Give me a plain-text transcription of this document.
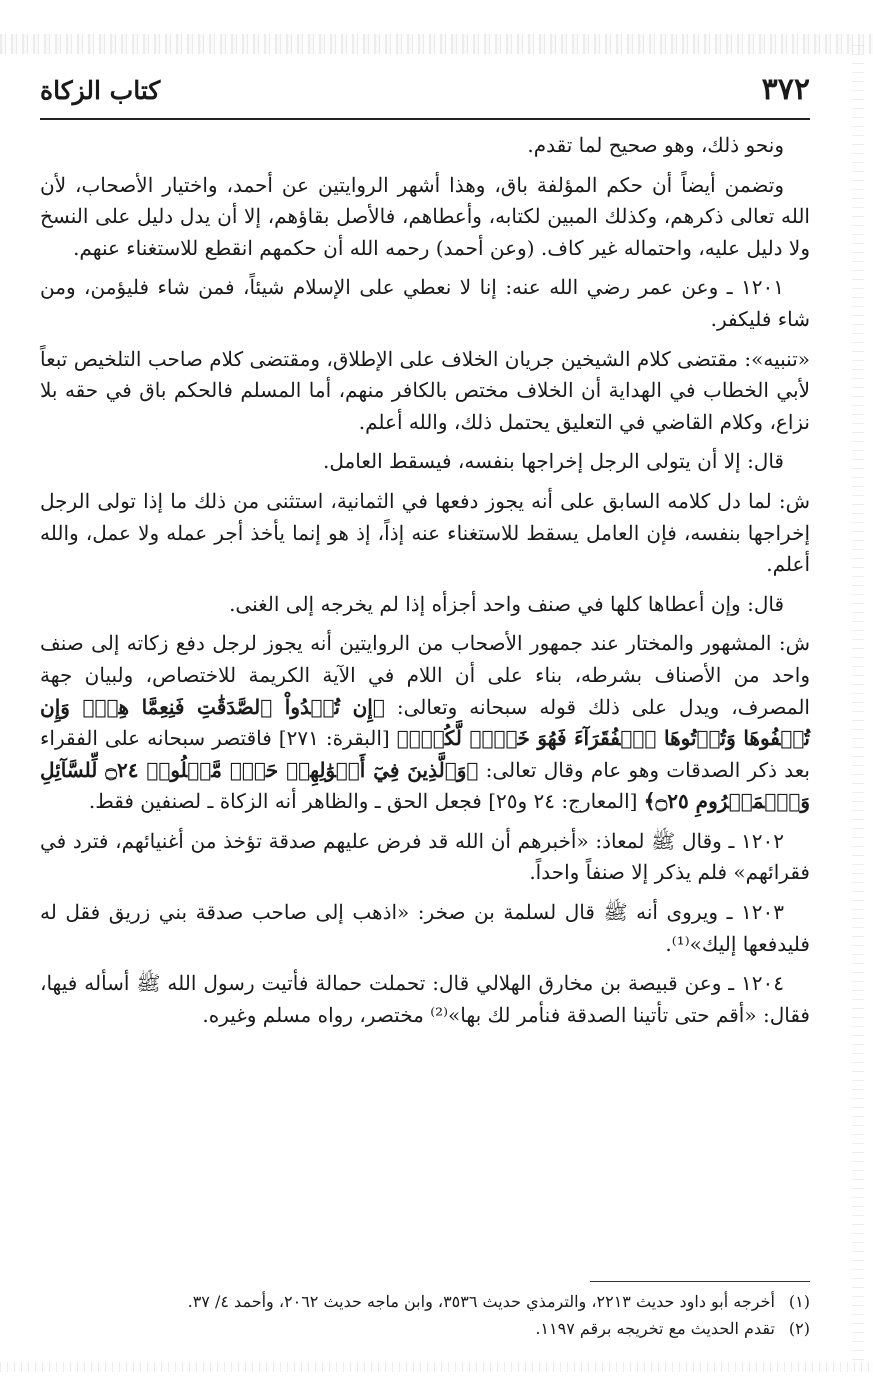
٣٧٢
كتاب الزكاة

ونحو ذلك، وهو صحيح لما تقدم.

وتضمن أيضاً أن حكم المؤلفة باق، وهذا أشهر الروايتين عن أحمد، واختيار الأصحاب، لأن الله تعالى ذكرهم، وكذلك المبين لكتابه، وأعطاهم، فالأصل بقاؤهم، إلا أن يدل دليل على النسخ ولا دليل عليه، واحتماله غير كاف. (وعن أحمد) رحمه الله أن حكمهم انقطع للاستغناء عنهم.

١٢٠١ ـ وعن عمر رضي الله عنه: إنا لا نعطي على الإسلام شيئاً، فمن شاء فليؤمن، ومن شاء فليكفر.

«تنبيه»: مقتضى كلام الشيخين جريان الخلاف على الإطلاق، ومقتضى كلام صاحب التلخيص تبعاً لأبي الخطاب في الهداية أن الخلاف مختص بالكافر منهم، أما المسلم فالحكم باق في حقه بلا نزاع، وكلام القاضي في التعليق يحتمل ذلك، والله أعلم.

قال: إلا أن يتولى الرجل إخراجها بنفسه، فيسقط العامل.

ش: لما دل كلامه السابق على أنه يجوز دفعها في الثمانية، استثنى من ذلك ما إذا تولى الرجل إخراجها بنفسه، فإن العامل يسقط للاستغناء عنه إذاً، إذ هو إنما يأخذ أجر عمله ولا عمل، والله أعلم.

قال: وإن أعطاها كلها في صنف واحد أجزأه إذا لم يخرجه إلى الغنى.

ش: المشهور والمختار عند جمهور الأصحاب من الروايتين أنه يجوز لرجل دفع زكاته إلى صنف واحد من الأصناف بشرطه، بناء على أن اللام في الآية الكريمة للاختصاص، ولبيان جهة المصرف، ويدل على ذلك قوله سبحانه وتعالى: ﴿إِن تُبۡدُواْ ٱلصَّدَقَٰتِ فَنِعِمَّا هِيَۖ وَإِن تُخۡفُوهَا وَتُؤۡتُوهَا ٱلۡفُقَرَآءَ فَهُوَ خَيۡرٞ لَّكُمۡۚ﴾ [البقرة: ٢٧١] فاقتصر سبحانه على الفقراء بعد ذكر الصدقات وهو عام وقال تعالى: ﴿وَٱلَّذِينَ فِيٓ أَمۡوَٰلِهِمۡ حَقّٞ مَّعۡلُومٞ ۝٢٤ لِّلسَّآئِلِ وَٱلۡمَحۡرُومِ ۝٢٥﴾ [المعارج: ٢٤ و٢٥] فجعل الحق ـ والظاهر أنه الزكاة ـ لصنفين فقط.

١٢٠٢ ـ وقال ﷺ لمعاذ: «أخبرهم أن الله قد فرض عليهم صدقة تؤخذ من أغنيائهم، فترد في فقرائهم» فلم يذكر إلا صنفاً واحداً.

١٢٠٣ ـ ويروى أنه ﷺ قال لسلمة بن صخر: «اذهب إلى صاحب صدقة بني زريق فقل له فليدفعها إليك»⁽¹⁾.

١٢٠٤ ـ وعن قبيصة بن مخارق الهلالي قال: تحملت حمالة فأتيت رسول الله ﷺ أسأله فيها، فقال: «أقم حتى تأتينا الصدقة فنأمر لك بها»⁽²⁾ مختصر، رواه مسلم وغيره.

(١)
أخرجه أبو داود حديث ٢٢١٣، والترمذي حديث ٣٥٣٦، وابن ماجه حديث ٢٠٦٢، وأحمد ٤/ ٣٧.
(٢)
تقدم الحديث مع تخريجه برقم ١١٩٧.
